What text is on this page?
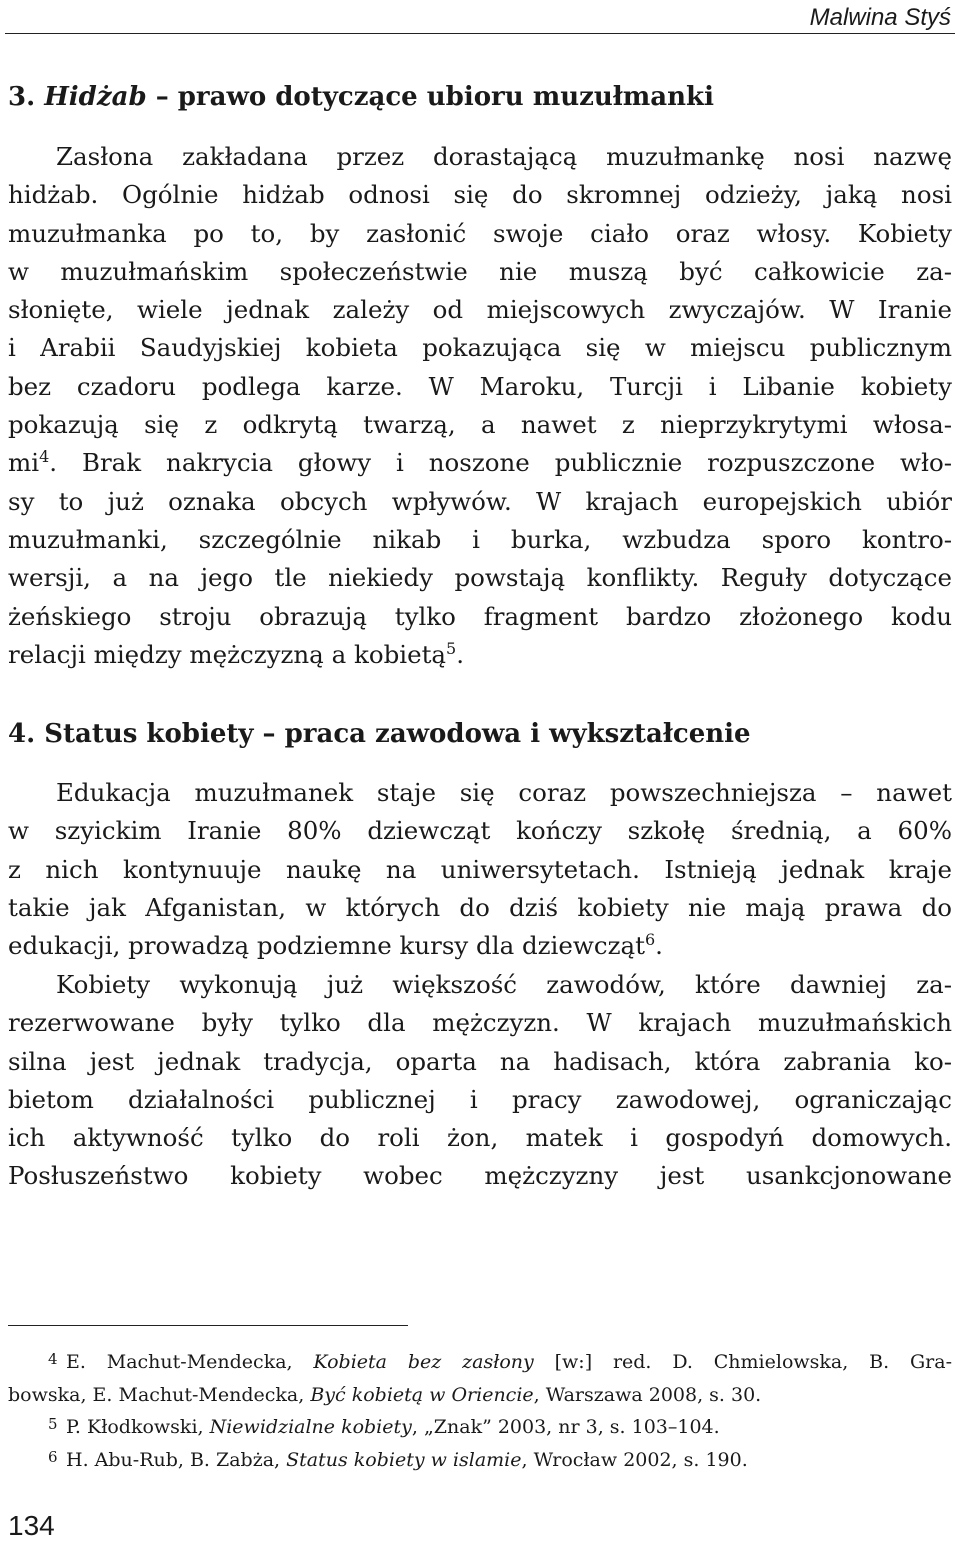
Malwina Styś
3. Hidżab – prawo dotyczące ubioru muzułmanki
Zasłona zakładana przez dorastającą muzułmankę nosi nazwę
hidżab. Ogólnie hidżab odnosi się do skromnej odzieży, jaką nosi
muzułmanka po to, by zasłonić swoje ciało oraz włosy. Kobiety
w muzułmańskim społeczeństwie nie muszą być całkowicie za-
słonięte, wiele jednak zależy od miejscowych zwyczajów. W Iranie
i Arabii Saudyjskiej kobieta pokazująca się w miejscu publicznym
bez czadoru podlega karze. W Maroku, Turcji i Libanie kobiety
pokazują się z odkrytą twarzą, a nawet z nieprzykrytymi włosa-
$mi^4$. Brak nakrycia głowy i noszone publicznie rozpuszczone wło-
sy to już oznaka obcych wpływów. W krajach europejskich ubiór
muzułmanki, szczególnie nikab i burka, wzbudza sporo kontro-
wersji, a na jego tle niekiedy powstają konflikty. Reguły dotyczące
żeńskiego stroju obrazują tylko fragment bardzo złożonego kodu
relacji między mężczyzną a kobietą$^5$.
4. Status kobiety – praca zawodowa i wykształcenie
Edukacja muzułmanek staje się coraz powszechniejsza – nawet
w szyickim Iranie 80% dziewcząt kończy szkołę średnią, a 60%
z nich kontynuuje naukę na uniwersytetach. Istnieją jednak kraje
takie jak Afganistan, w których do dziś kobiety nie mają prawa do
edukacji, prowadzą podziemne kursy dla dziewcząt$^6$.
Kobiety wykonują już większość zawodów, które dawniej za-
rezerwowane były tylko dla mężczyzn. W krajach muzułmańskich
silna jest jednak tradycja, oparta na hadisach, która zabrania ko-
bietom działalności publicznej i pracy zawodowej, ograniczając
ich aktywność tylko do roli żon, matek i gospodyń domowych.
Posłuszeństwo kobiety wobec mężczyzny jest usankcjonowane
4 E. Machut-Mendecka, Kobieta bez zasłony [w:] red. D. Chmielowska, B. Gra-
bowska, E. Machut-Mendecka, Być kobietą w Oriencie, Warszawa 2008, s. 30.
5 P. Kłodkowski, Niewidzialne kobiety, „Znak” 2003, nr 3, s. 103–104.
6 H. Abu-Rub, B. Zabża, Status kobiety w islamie, Wrocław 2002, s. 190.
134
